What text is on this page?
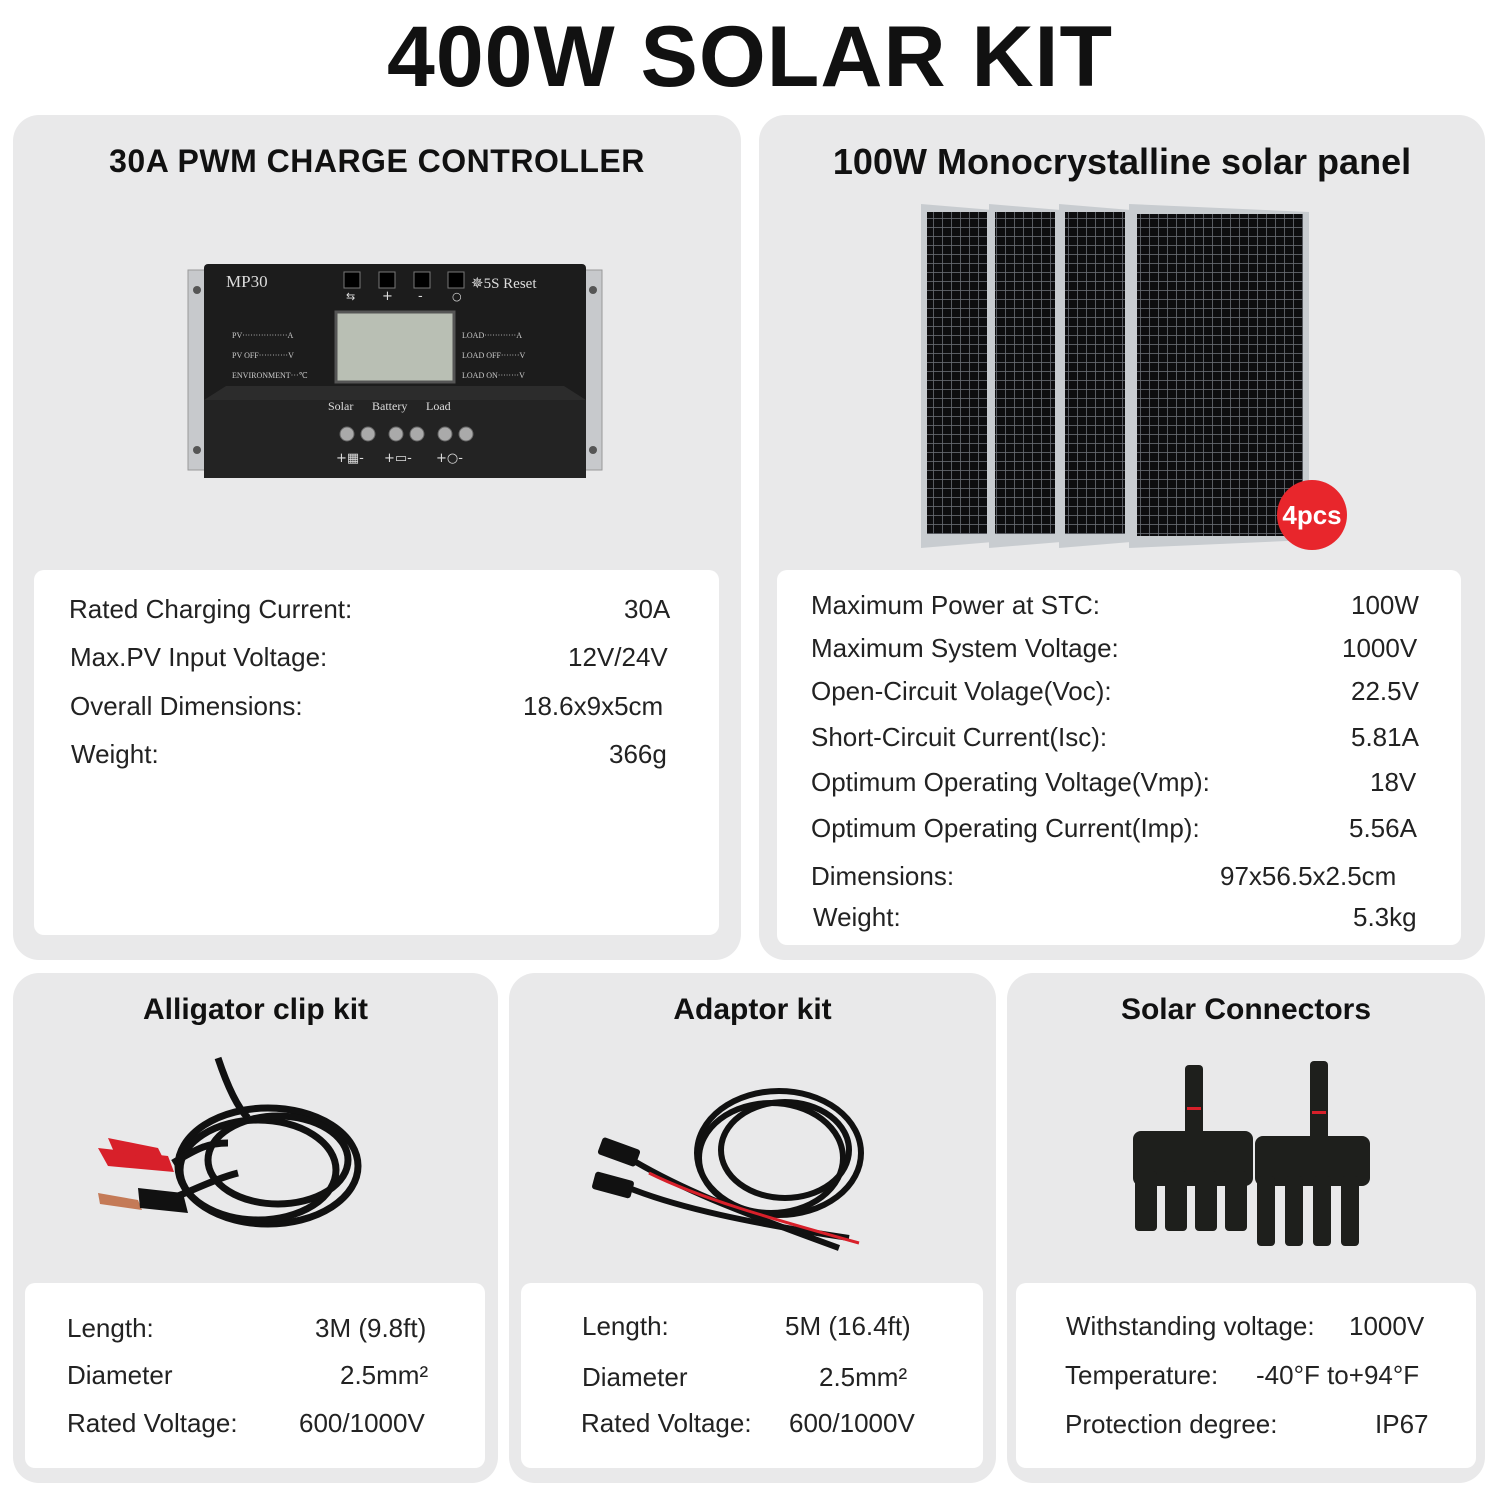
400W SOLAR KIT
30A PWM CHARGE CONTROLLER
⇆ + -	○
MP30	✵5S Reset
PV·················A
PV OFF···········V
ENVIRONMENT···℃
LOAD············A
LOAD OFF·······V
LOAD ON········V
Solar Battery Load
+▦- +▭- +○-
Rated Charging Current:	30A
Max.PV Input Voltage:	12V/24V
Overall Dimensions:	18.6x9x5cm
Weight:	366g
100W Monocrystalline solar panel
Maximum Power at STC:	100W
Maximum System Voltage:	1000V
Open-Circuit Volage(Voc):	22.5V
Short-Circuit Current(Isc):	5.81A
Optimum Operating Voltage(Vmp):	18V
Optimum Operating Current(Imp):	5.56A
Dimensions:	97x56.5x2.5cm
Weight:	5.3kg
4pcs
Alligator clip kit
Length:	3M (9.8ft)
Diameter	2.5mm²
Rated Voltage: 600/1000V
Adaptor kit
Length:	5M (16.4ft)
Diameter	2.5mm²
Rated Voltage: 600/1000V
Solar Connectors
Withstanding voltage: 1000V
Temperature: -40°F to+94°F
Protection degree:	IP67
